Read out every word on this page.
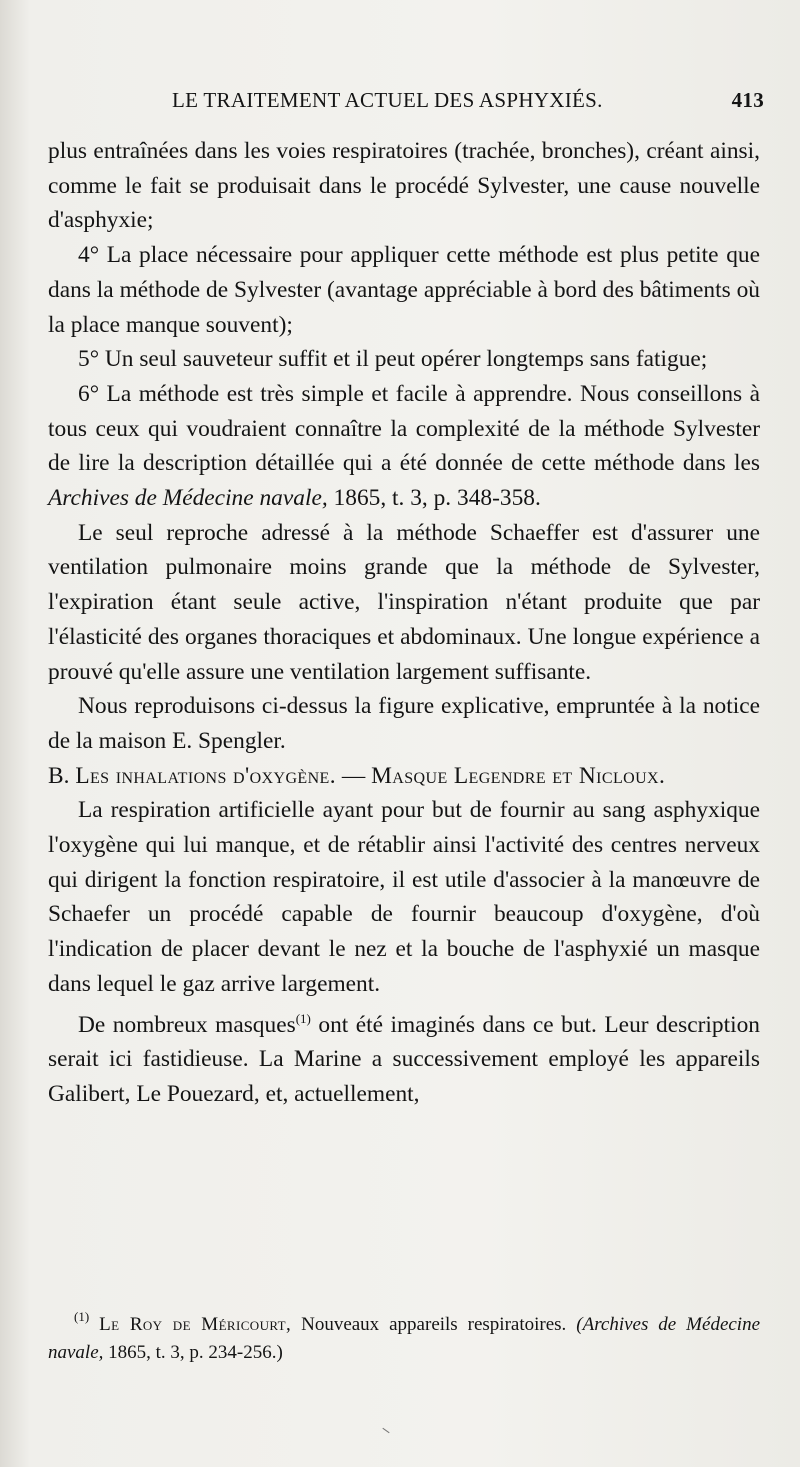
LE TRAITEMENT ACTUEL DES ASPHYXIÉS.	413

plus entraînées dans les voies respiratoires (trachée, bronches), créant ainsi, comme le fait se produisait dans le procédé Sylvester, une cause nouvelle d'asphyxie;

4° La place nécessaire pour appliquer cette méthode est plus petite que dans la méthode de Sylvester (avantage appréciable à bord des bâtiments où la place manque souvent);

5° Un seul sauveteur suffit et il peut opérer longtemps sans fatigue;

6° La méthode est très simple et facile à apprendre. Nous conseillons à tous ceux qui voudraient connaître la complexité de la méthode Sylvester de lire la description détaillée qui a été donnée de cette méthode dans les Archives de Médecine navale, 1865, t. 3, p. 348-358.

Le seul reproche adressé à la méthode Schaeffer est d'assurer une ventilation pulmonaire moins grande que la méthode de Sylvester, l'expiration étant seule active, l'inspiration n'étant produite que par l'élasticité des organes thoraciques et abdominaux. Une longue expérience a prouvé qu'elle assure une ventilation largement suffisante.

Nous reproduisons ci-dessus la figure explicative, empruntée à la notice de la maison E. Spengler.

B. Les inhalations d'oxygène. — Masque Legendre et Nicloux.

La respiration artificielle ayant pour but de fournir au sang asphyxique l'oxygène qui lui manque, et de rétablir ainsi l'activité des centres nerveux qui dirigent la fonction respiratoire, il est utile d'associer à la manœuvre de Schaefer un procédé capable de fournir beaucoup d'oxygène, d'où l'indication de placer devant le nez et la bouche de l'asphyxié un masque dans lequel le gaz arrive largement.

De nombreux masques$^{(1)}$ ont été imaginés dans ce but. Leur description serait ici fastidieuse. La Marine a successivement employé les appareils Galibert, Le Pouezard, et, actuellement,

$^{(1)}$ Le Roy de Méricourt, Nouveaux appareils respiratoires. (Archives de Médecine navale, 1865, t. 3, p. 234-256.)
